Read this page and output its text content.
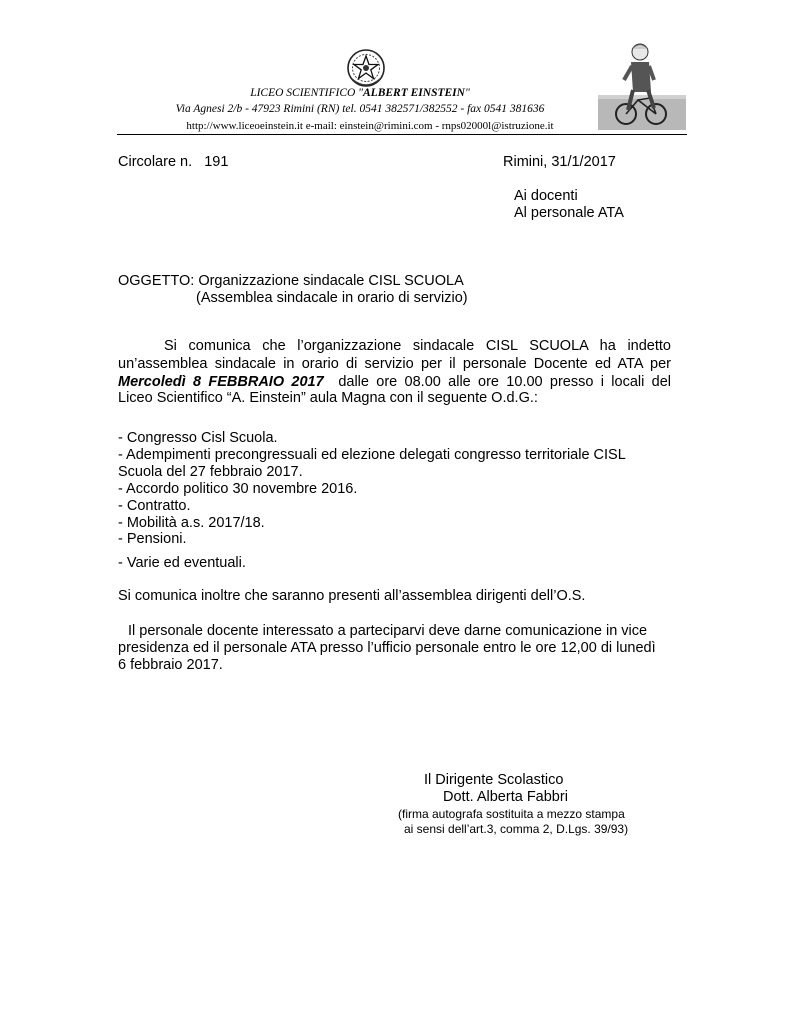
LICEO SCIENTIFICO "ALBERT EINSTEIN"
Via Agnesi 2/b - 47923 Rimini (RN) tel. 0541 382571/382552 - fax 0541 381636
http://www.liceoeinstein.it e-mail: einstein@rimini.com - rnps02000l@istruzione.it
Circolare n. 191	Rimini, 31/1/2017
Ai docenti
Al personale ATA
OGGETTO: Organizzazione sindacale CISL SCUOLA
(Assemblea sindacale in orario di servizio)
Si comunica che l’organizzazione sindacale CISL SCUOLA ha indetto
un’assemblea sindacale in orario di servizio per il personale Docente ed ATA per
Mercoledì 8 FEBBRAIO 2017 dalle ore 08.00 alle ore 10.00 presso i locali del
Liceo Scientifico “A. Einstein” aula Magna con il seguente O.d.G.:
- Congresso Cisl Scuola.
- Adempimenti precongressuali ed elezione delegati congresso territoriale CISL
Scuola del 27 febbraio 2017.
- Accordo politico 30 novembre 2016.
- Contratto.
- Mobilità a.s. 2017/18.
- Pensioni.
- Varie ed eventuali.
Si comunica inoltre che saranno presenti all’assemblea dirigenti dell’O.S.
Il personale docente interessato a parteciparvi deve darne comunicazione in vice
presidenza ed il personale ATA presso l’ufficio personale entro le ore 12,00 di lunedì
6 febbraio 2017.
Il Dirigente Scolastico
Dott. Alberta Fabbri
(firma autografa sostituita a mezzo stampa
ai sensi dell’art.3, comma 2, D.Lgs. 39/93)
